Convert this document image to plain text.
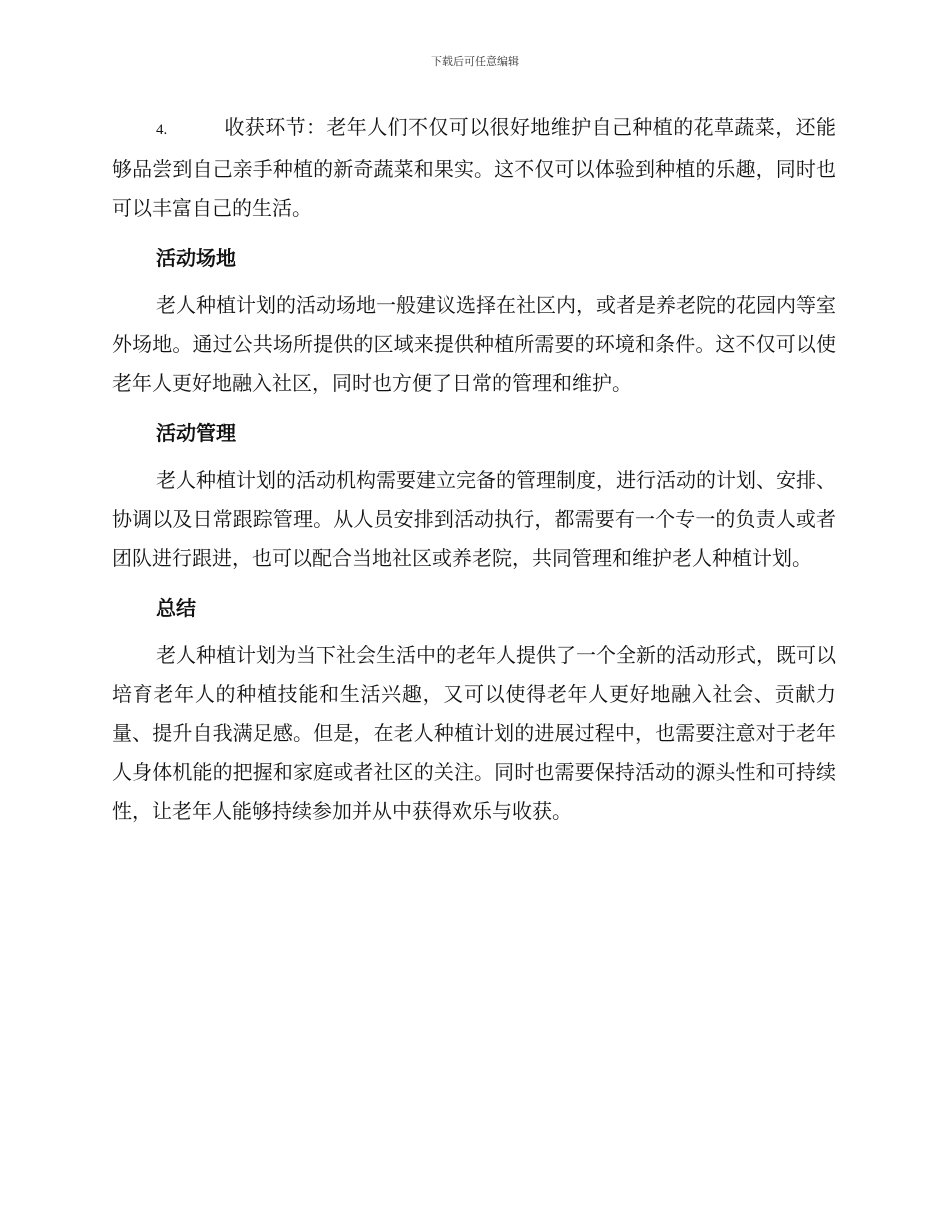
下载后可任意编辑

4.	收获环节：老年人们不仅可以很好地维护自己种植的花草蔬菜，还能够品尝到自己亲手种植的新奇蔬菜和果实。这不仅可以体验到种植的乐趣，同时也可以丰富自己的生活。

活动场地

老人种植计划的活动场地一般建议选择在社区内，或者是养老院的花园内等室外场地。通过公共场所提供的区域来提供种植所需要的环境和条件。这不仅可以使老年人更好地融入社区，同时也方便了日常的管理和维护。

活动管理

老人种植计划的活动机构需要建立完备的管理制度，进行活动的计划、安排、协调以及日常跟踪管理。从人员安排到活动执行，都需要有一个专一的负责人或者团队进行跟进，也可以配合当地社区或养老院，共同管理和维护老人种植计划。

总结

老人种植计划为当下社会生活中的老年人提供了一个全新的活动形式，既可以培育老年人的种植技能和生活兴趣，又可以使得老年人更好地融入社会、贡献力量、提升自我满足感。但是，在老人种植计划的进展过程中，也需要注意对于老年人身体机能的把握和家庭或者社区的关注。同时也需要保持活动的源头性和可持续性，让老年人能够持续参加并从中获得欢乐与收获。
